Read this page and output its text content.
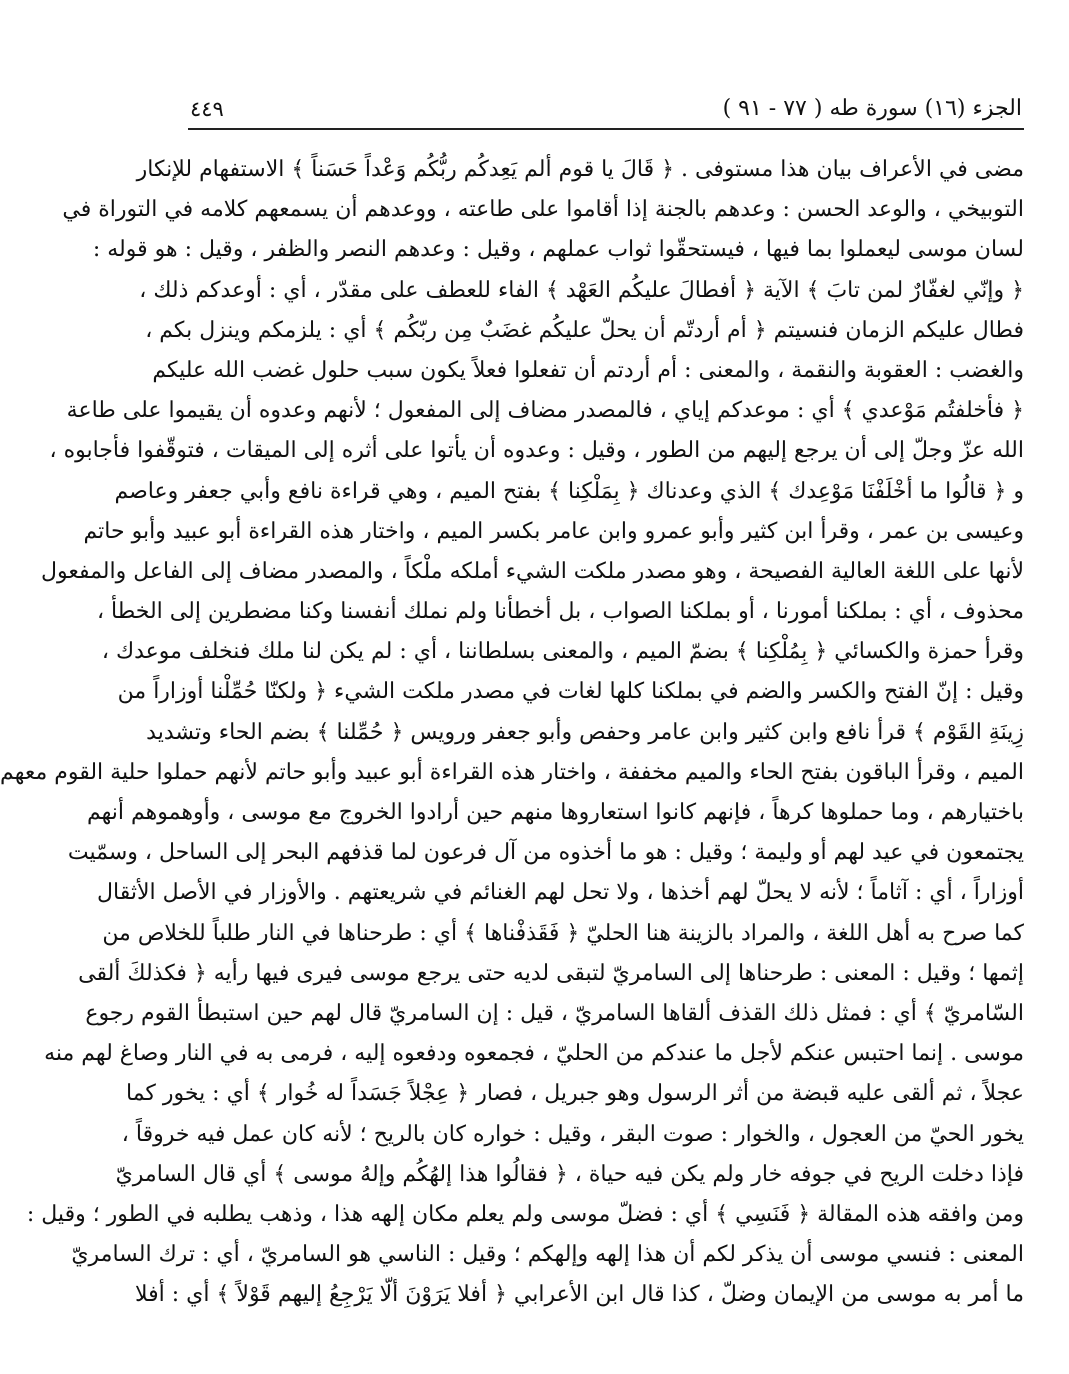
الجزء (١٦) سورة طه ( ٧٧ - ٩١ )
٤٤٩
مضى في الأعراف بيان هذا مستوفى . ﴿ قَالَ يا قوم ألم يَعِدكُم ربُّكُم وَعْداً حَسَناً ﴾ الاستفهام للإنكار
التوبيخي ، والوعد الحسن : وعدهم بالجنة إذا أقاموا على طاعته ، ووعدهم أن يسمعهم كلامه في التوراة في
لسان موسى ليعملوا بما فيها ، فيستحقّوا ثواب عملهم ، وقيل : وعدهم النصر والظفر ، وقيل : هو قوله :
﴿ وإنّي لغفّارٌ لمن تابَ ﴾ الآية ﴿ أفطالَ عليكُم العَهْد ﴾ الفاء للعطف على مقدّر ، أي : أوعدكم ذلك ،
فطال عليكم الزمان فنسيتم ﴿ أم أردتّم أن يحلّ عليكُم غضَبٌ مِن ربّكُم ﴾ أي : يلزمكم وينزل بكم ،
والغضب : العقوبة والنقمة ، والمعنى : أم أردتم أن تفعلوا فعلاً يكون سبب حلول غضب الله عليكم
﴿ فأخلفتُم مَوْعدي ﴾ أي : موعدكم إياي ، فالمصدر مضاف إلى المفعول ؛ لأنهم وعدوه أن يقيموا على طاعة
الله عزّ وجلّ إلى أن يرجع إليهم من الطور ، وقيل : وعدوه أن يأتوا على أثره إلى الميقات ، فتوقّفوا فأجابوه ،
و ﴿ قالُوا ما أخْلَفْنَا مَوْعِدك ﴾ الذي وعدناك ﴿ بِمَلْكِنا ﴾ بفتح الميم ، وهي قراءة نافع وأبي جعفر وعاصم
وعيسى بن عمر ، وقرأ ابن كثير وأبو عمرو وابن عامر بكسر الميم ، واختار هذه القراءة أبو عبيد وأبو حاتم
لأنها على اللغة العالية الفصيحة ، وهو مصدر ملكت الشيء أملكه ملْكاً ، والمصدر مضاف إلى الفاعل والمفعول
محذوف ، أي : بملكنا أمورنا ، أو بملكنا الصواب ، بل أخطأنا ولم نملك أنفسنا وكنا مضطرين إلى الخطأ ،
وقرأ حمزة والكسائي ﴿ بِمُلْكِنا ﴾ بضمّ الميم ، والمعنى بسلطاننا ، أي : لم يكن لنا ملك فنخلف موعدك ،
وقيل : إنّ الفتح والكسر والضم في بملكنا كلها لغات في مصدر ملكت الشيء ﴿ ولكنّا حُمِّلْنا أوزاراً من
زِينَةِ القَوْم ﴾ قرأ نافع وابن كثير وابن عامر وحفص وأبو جعفر ورويس ﴿ حُمِّلنا ﴾ بضم الحاء وتشديد
الميم ، وقرأ الباقون بفتح الحاء والميم مخففة ، واختار هذه القراءة أبو عبيد وأبو حاتم لأنهم حملوا حلية القوم معهم
باختيارهم ، وما حملوها كرهاً ، فإنهم كانوا استعاروها منهم حين أرادوا الخروج مع موسى ، وأوهموهم أنهم
يجتمعون في عيد لهم أو وليمة ؛ وقيل : هو ما أخذوه من آل فرعون لما قذفهم البحر إلى الساحل ، وسمّيت
أوزاراً ، أي : آثاماً ؛ لأنه لا يحلّ لهم أخذها ، ولا تحل لهم الغنائم في شريعتهم . والأوزار في الأصل الأثقال
كما صرح به أهل اللغة ، والمراد بالزينة هنا الحليّ ﴿ فَقَذفْناها ﴾ أي : طرحناها في النار طلباً للخلاص من
إثمها ؛ وقيل : المعنى : طرحناها إلى السامريّ لتبقى لديه حتى يرجع موسى فيرى فيها رأيه ﴿ فكذلكَ ألقى
السّامريّ ﴾ أي : فمثل ذلك القذف ألقاها السامريّ ، قيل : إن السامريّ قال لهم حين استبطأ القوم رجوع
موسى . إنما احتبس عنكم لأجل ما عندكم من الحليّ ، فجمعوه ودفعوه إليه ، فرمى به في النار وصاغ لهم منه
عجلاً ، ثم ألقى عليه قبضة من أثر الرسول وهو جبريل ، فصار ﴿ عِجْلاً جَسَداً له خُوار ﴾ أي : يخور كما
يخور الحيّ من العجول ، والخوار : صوت البقر ، وقيل : خواره كان بالريح ؛ لأنه كان عمل فيه خروقاً ،
فإذا دخلت الريح في جوفه خار ولم يكن فيه حياة ، ﴿ فقالُوا هذا إلهُكُم وإلهُ موسى ﴾ أي قال السامريّ
ومن وافقه هذه المقالة ﴿ فَنَسِي ﴾ أي : فضلّ موسى ولم يعلم مكان إلهه هذا ، وذهب يطلبه في الطور ؛ وقيل :
المعنى : فنسي موسى أن يذكر لكم أن هذا إلهه وإلهكم ؛ وقيل : الناسي هو السامريّ ، أي : ترك السامريّ
ما أمر به موسى من الإيمان وضلّ ، كذا قال ابن الأعرابي ﴿ أفلا يَرَوْنَ ألّا يَرْجِعُ إليهم قَوْلاً ﴾ أي : أفلا
